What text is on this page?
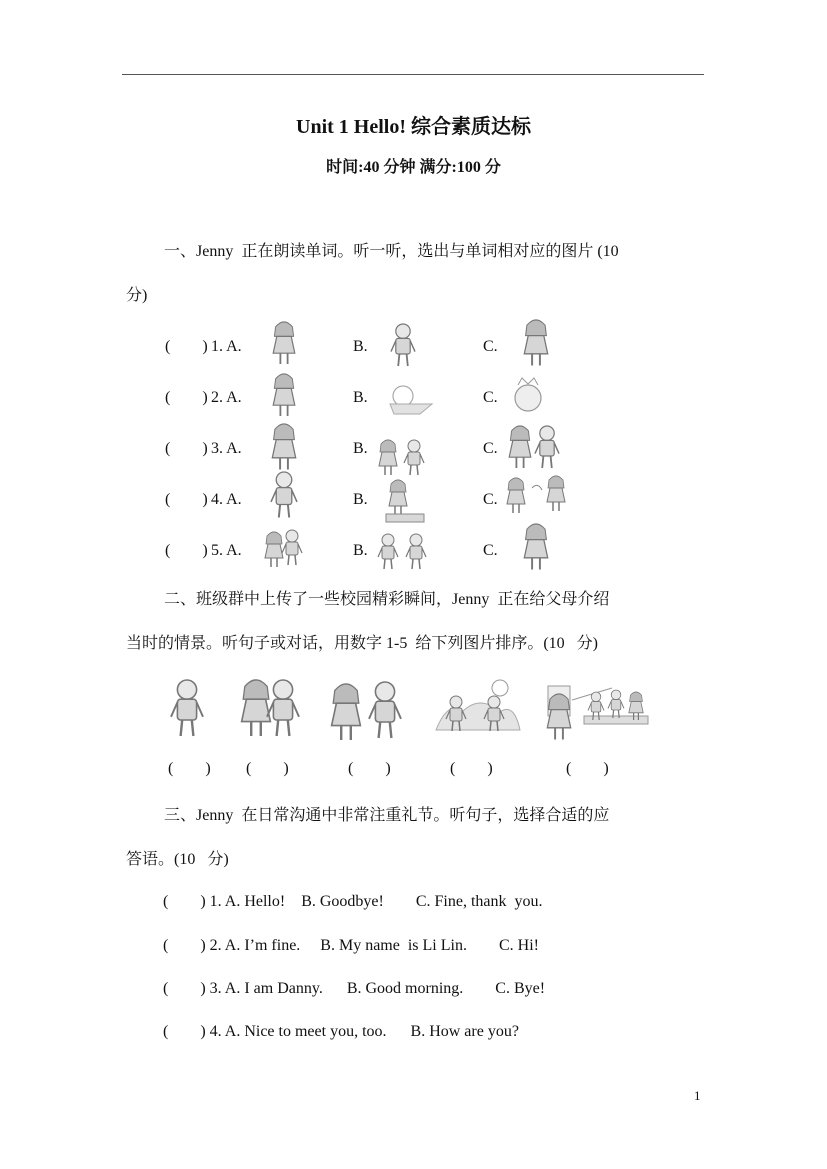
Unit 1 Hello! 综合素质达标
时间:40 分钟 满分:100 分
一、Jenny  正在朗读单词。听一听，选出与单词相对应的图片 (10
分)
(        ) 1. A.	B.	C.
(        ) 2. A.	B.	C.
(        ) 3. A.	B.	C.
(        ) 4. A.	B.	C.
(        ) 5. A.	B.	C.
二、班级群中上传了一些校园精彩瞬间，Jenny  正在给父母介绍
当时的情景。听句子或对话，用数字 1-5  给下列图片排序。(10   分)
(        ) (        )	(        )	(        )	(        )
三、Jenny  在日常沟通中非常注重礼节。听句子，选择合适的应
答语。(10   分)
(        ) 1. A. Hello!    B. Goodbye!        C. Fine, thank  you.
(        ) 2. A. I’m fine.     B. My name  is Li Lin.        C. Hi!
(        ) 3. A. I am Danny.      B. Good morning.        C. Bye!
(        ) 4. A. Nice to meet you, too.      B. How are you?
1
